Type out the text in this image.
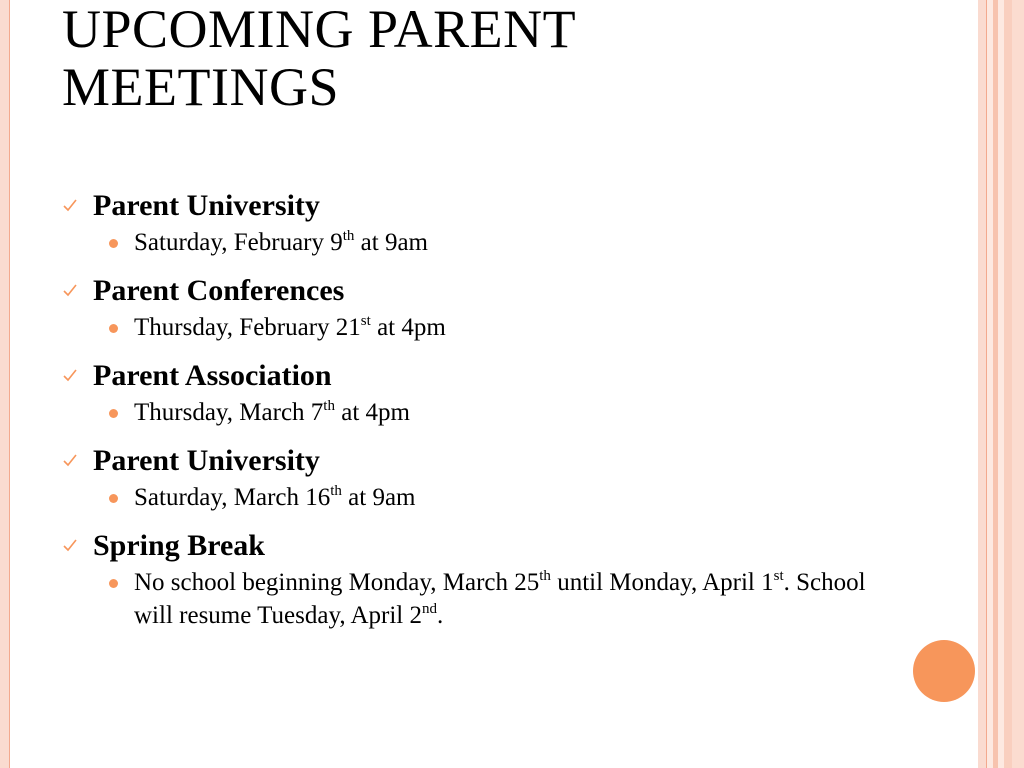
UPCOMING PARENT
MEETINGS
Parent University
Saturday, February 9th at 9am
Parent Conferences
Thursday, February 21st at 4pm
Parent Association
Thursday, March 7th at 4pm
Parent University
Saturday, March 16th at 9am
Spring Break
No school beginning Monday, March 25th until Monday, April 1st. School will resume Tuesday, April 2nd.
